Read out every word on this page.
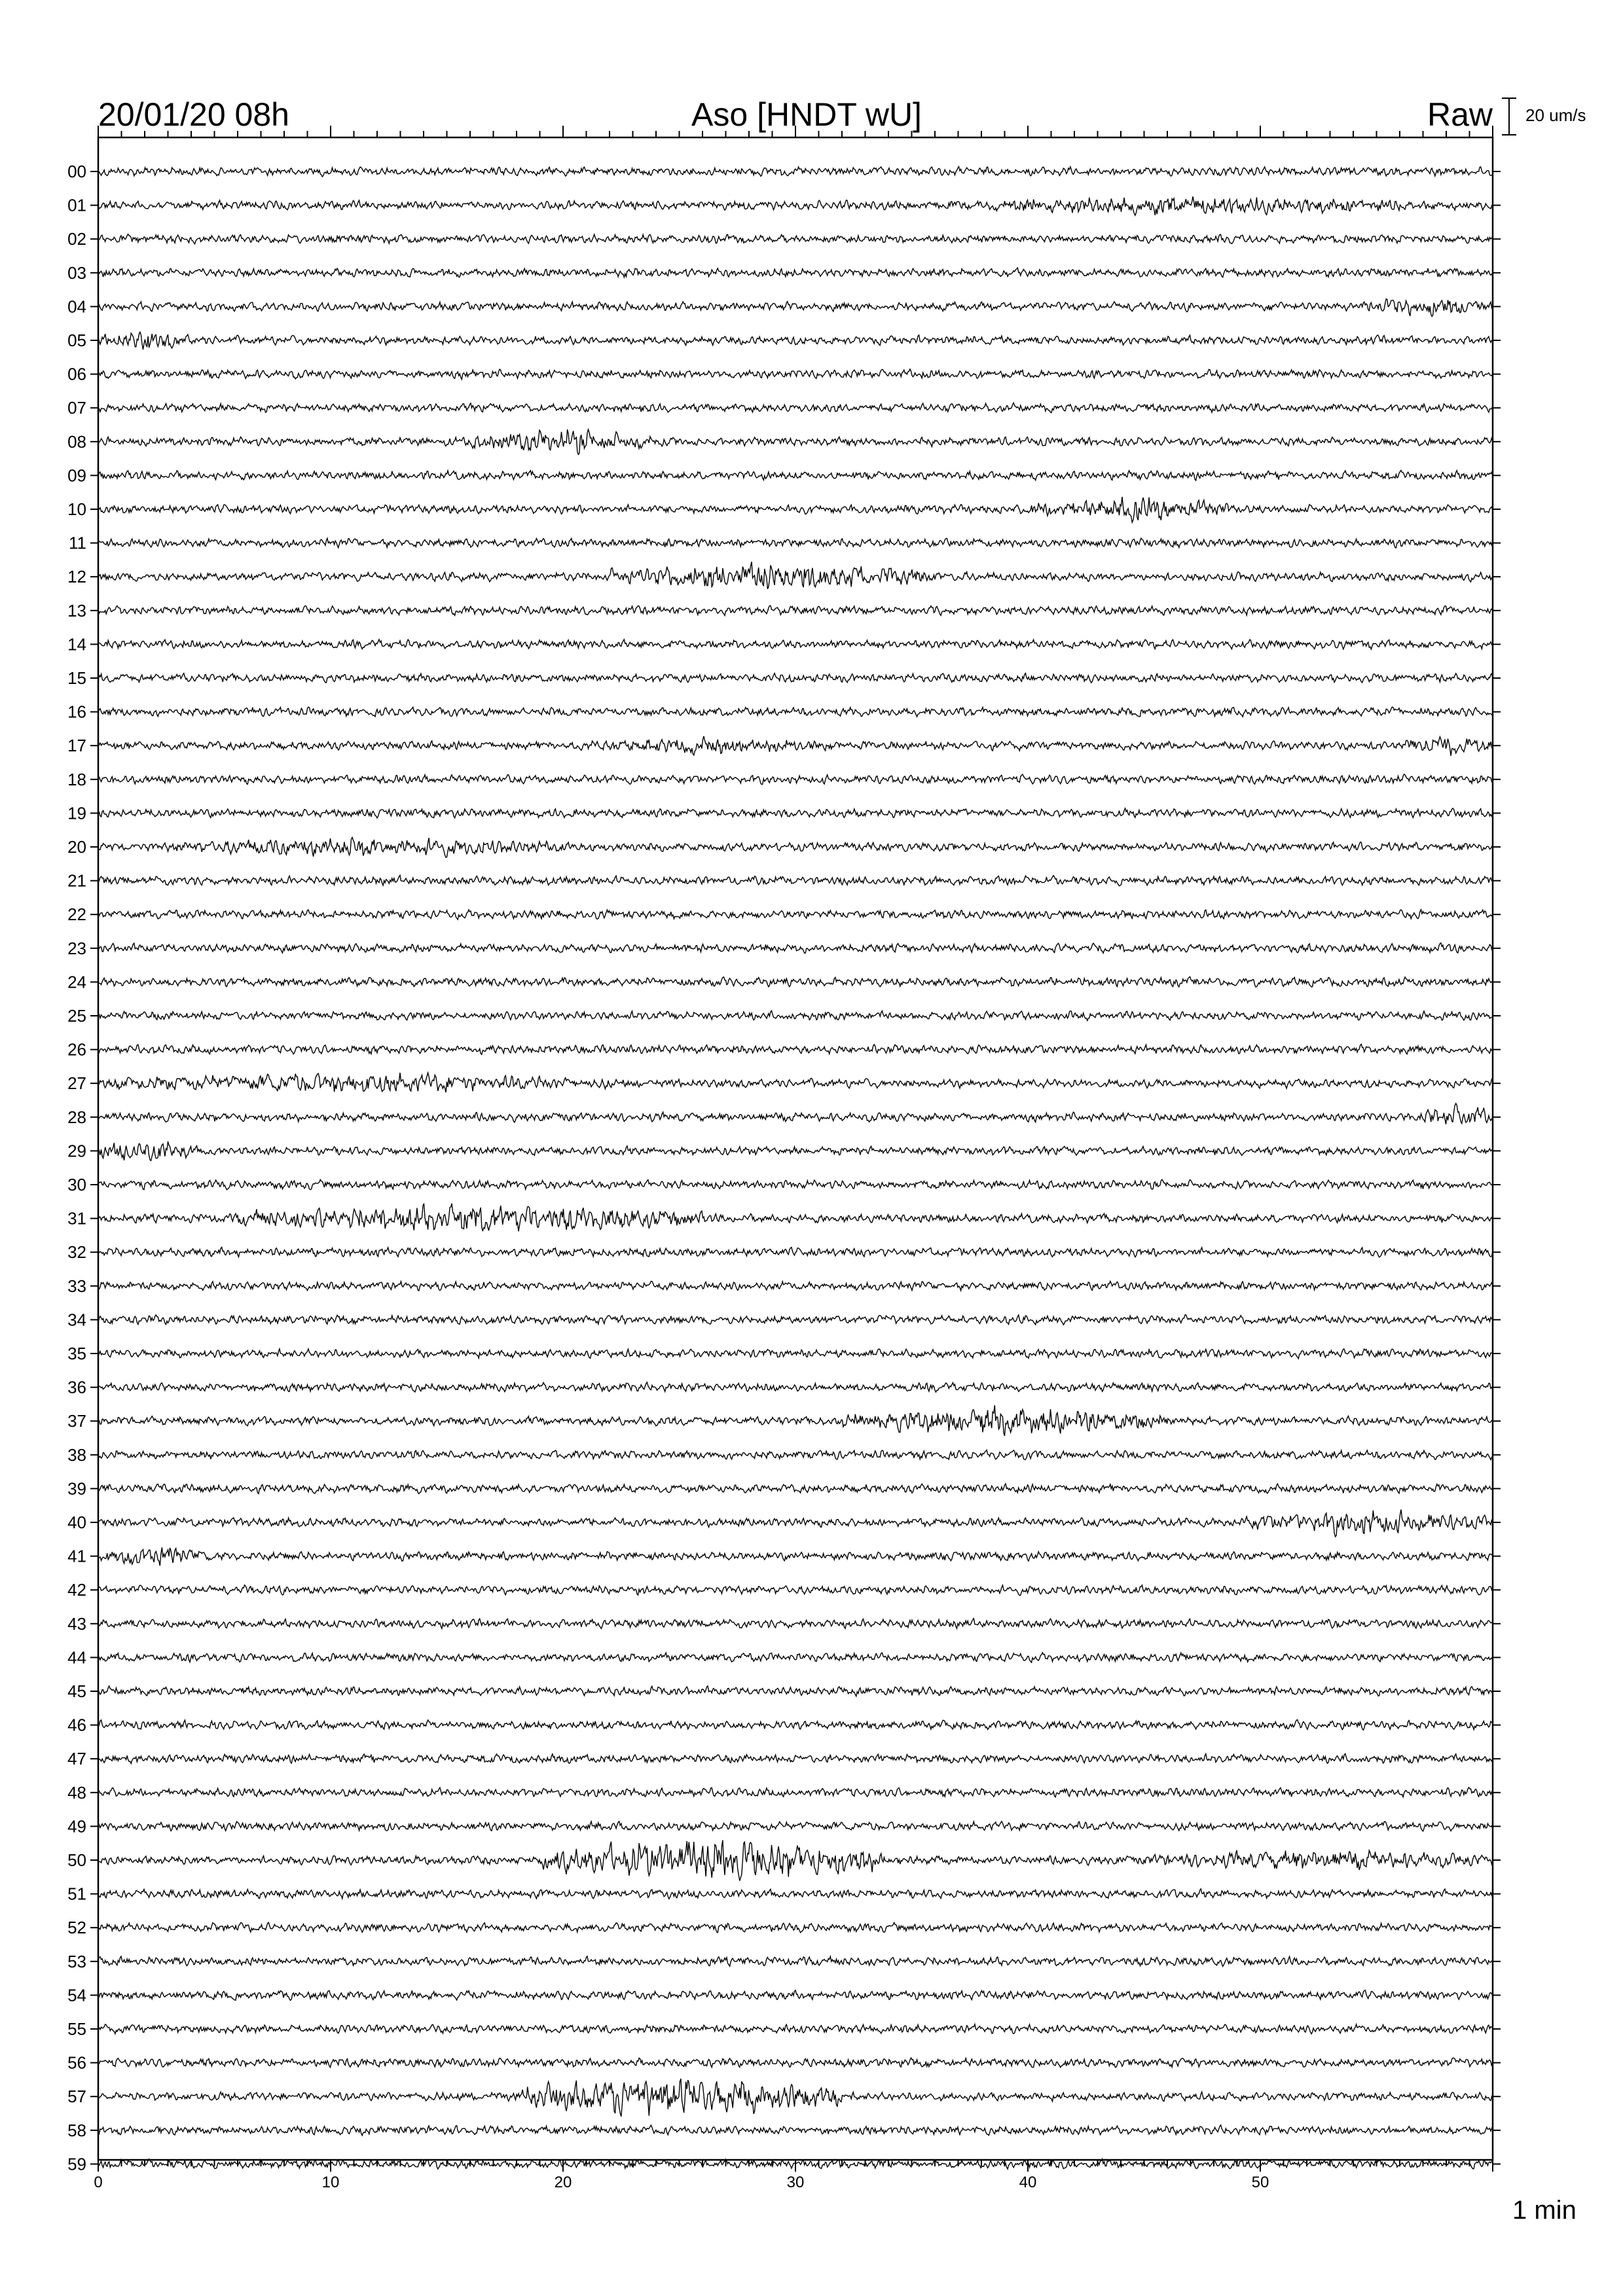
20/01/20 08h	Aso [HNDT wU]	Raw 20 um/s
00
01
02
03
04
05
06
07
08
09
10
11
12
13
14
15
16
17
18
19
20
21
22
23
24
25
26
27
28
29
30
31
32
33
34
35
36
37
38
39
40
41
42
43
44
45
46
47
48
49
50
51
52
53
54
55
56
57
58
59
0	10	20	30	40	50
1 min
